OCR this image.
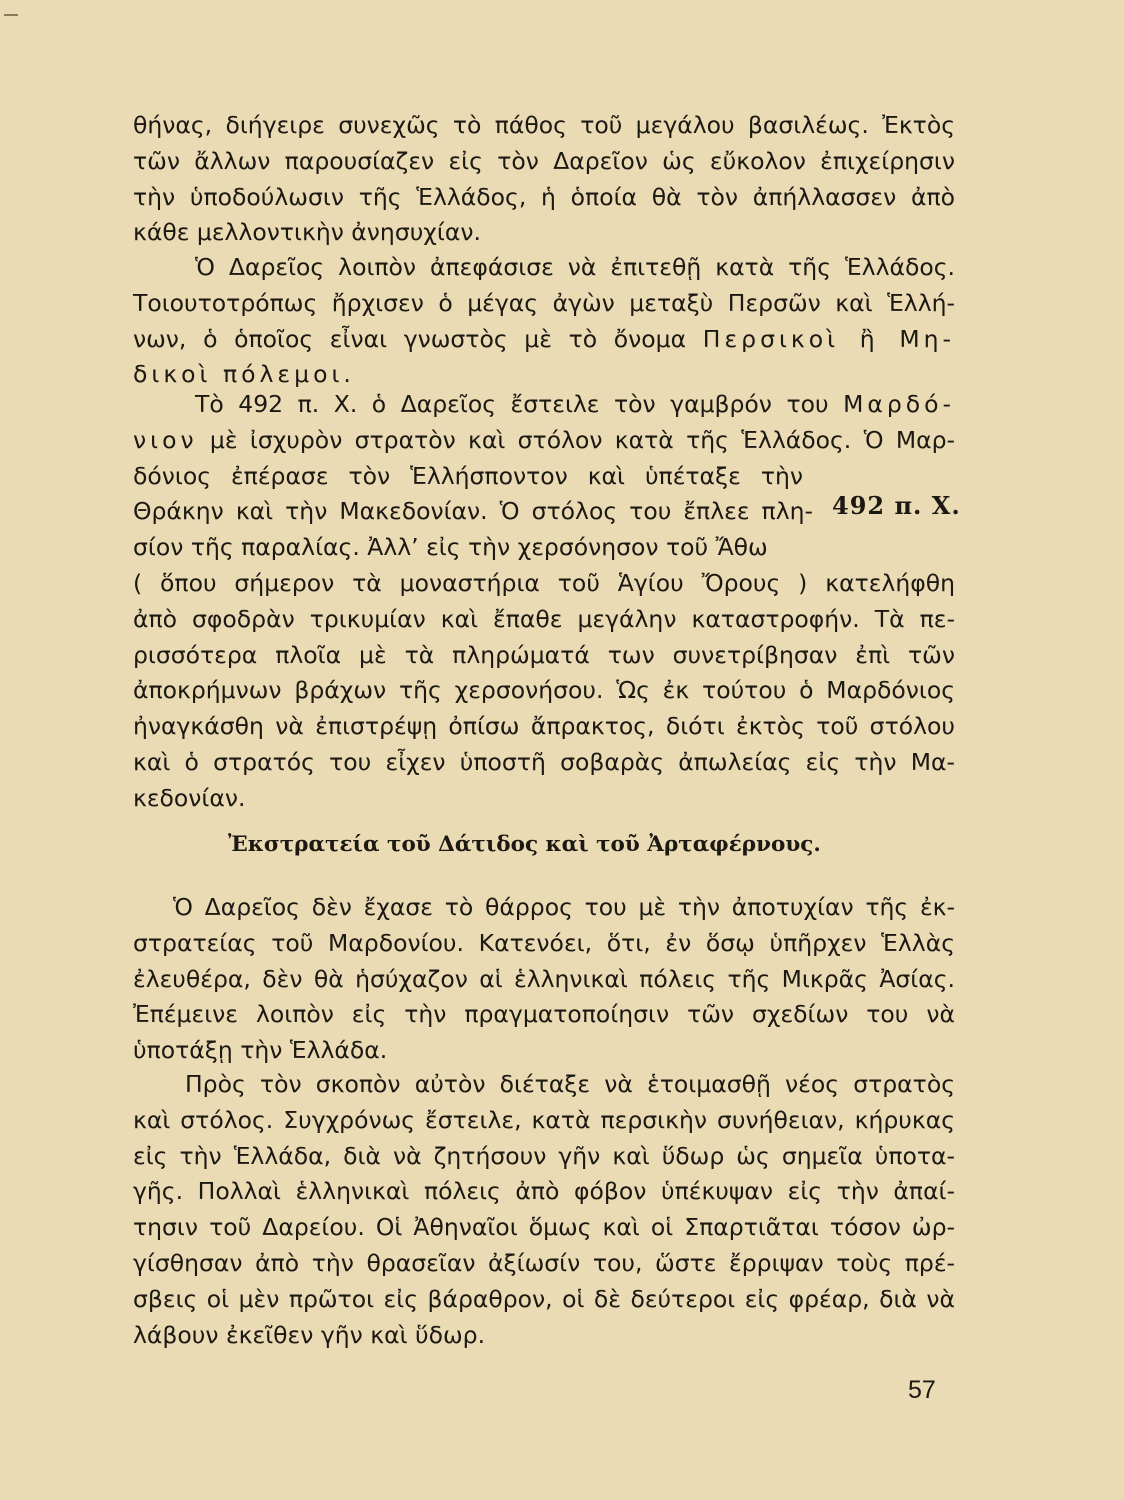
θήνας, διήγειρε συνεχῶς τὸ πάθος τοῦ μεγάλου βασιλέως. Ἐκτὸς
τῶν ἄλλων παρουσίαζεν εἰς τὸν Δαρεῖον ὡς εὔκολον ἐπιχείρησιν
τὴν ὑποδούλωσιν τῆς Ἑλλάδος, ἡ ὁποία θὰ τὸν ἀπήλλασσεν ἀπὸ
κάθε μελλοντικὴν ἀνησυχίαν.
Ὁ Δαρεῖος λοιπὸν ἀπεφάσισε νὰ ἐπιτεθῇ κατὰ τῆς Ἑλλάδος.
Τοιουτοτρόπως ἤρχισεν ὁ μέγας ἀγὼν μεταξὺ Περσῶν καὶ Ἑλλή-
νων, ὁ ὁποῖος εἶναι γνωστὸς μὲ τὸ ὄνομα Περσικοὶ ἢ Μη-
δικοὶ πόλεμοι.
Τὸ 492 π. Χ. ὁ Δαρεῖος ἔστειλε τὸν γαμβρόν του Μαρδό-
νιον μὲ ἰσχυρὸν στρατὸν καὶ στόλον κατὰ τῆς Ἑλλάδος. Ὁ Μαρ-
δόνιος ἐπέρασε τὸν Ἑλλήσποντον καὶ ὑπέταξε τὴν
Θράκην καὶ τὴν Μακεδονίαν. Ὁ στόλος του ἔπλεε πλη-
σίον τῆς παραλίας. Ἀλλ’ εἰς τὴν χερσόνησον τοῦ Ἄθω
( ὅπου σήμερον τὰ μοναστήρια τοῦ Ἁγίου Ὄρους ) κατελήφθη
ἀπὸ σφοδρὰν τρικυμίαν καὶ ἔπαθε μεγάλην καταστροφήν. Τὰ πε-
ρισσότερα πλοῖα μὲ τὰ πληρώματά των συνετρίβησαν ἐπὶ τῶν
ἀποκρήμνων βράχων τῆς χερσονήσου. Ὡς ἐκ τούτου ὁ Μαρδόνιος
ἠναγκάσθη νὰ ἐπιστρέψῃ ὀπίσω ἄπρακτος, διότι ἐκτὸς τοῦ στόλου
καὶ ὁ στρατός του εἶχεν ὑποστῆ σοβαρὰς ἀπωλείας εἰς τὴν Μα-
κεδονίαν.
492 π. Χ.
Ἐκστρατεία τοῦ Δάτιδος καὶ τοῦ Ἀρταφέρνους.
Ὁ Δαρεῖος δὲν ἔχασε τὸ θάρρος του μὲ τὴν ἀποτυχίαν τῆς ἐκ-
στρατείας τοῦ Μαρδονίου. Κατενόει, ὅτι, ἐν ὅσῳ ὑπῆρχεν Ἑλλὰς
ἐλευθέρα, δὲν θὰ ἡσύχαζον αἱ ἑλληνικαὶ πόλεις τῆς Μικρᾶς Ἀσίας.
Ἐπέμεινε λοιπὸν εἰς τὴν πραγματοποίησιν τῶν σχεδίων του νὰ
ὑποτάξῃ τὴν Ἑλλάδα.
Πρὸς τὸν σκοπὸν αὐτὸν διέταξε νὰ ἑτοιμασθῇ νέος στρατὸς
καὶ στόλος. Συγχρόνως ἔστειλε, κατὰ περσικὴν συνήθειαν, κήρυκας
εἰς τὴν Ἑλλάδα, διὰ νὰ ζητήσουν γῆν καὶ ὕδωρ ὡς σημεῖα ὑποτα-
γῆς. Πολλαὶ ἑλληνικαὶ πόλεις ἀπὸ φόβον ὑπέκυψαν εἰς τὴν ἀπαί-
τησιν τοῦ Δαρείου. Οἱ Ἀθηναῖοι ὅμως καὶ οἱ Σπαρτιᾶται τόσον ὠρ-
γίσθησαν ἀπὸ τὴν θρασεῖαν ἀξίωσίν του, ὥστε ἔρριψαν τοὺς πρέ-
σβεις οἱ μὲν πρῶτοι εἰς βάραθρον, οἱ δὲ δεύτεροι εἰς φρέαρ, διὰ νὰ
λάβουν ἐκεῖθεν γῆν καὶ ὕδωρ.
57
